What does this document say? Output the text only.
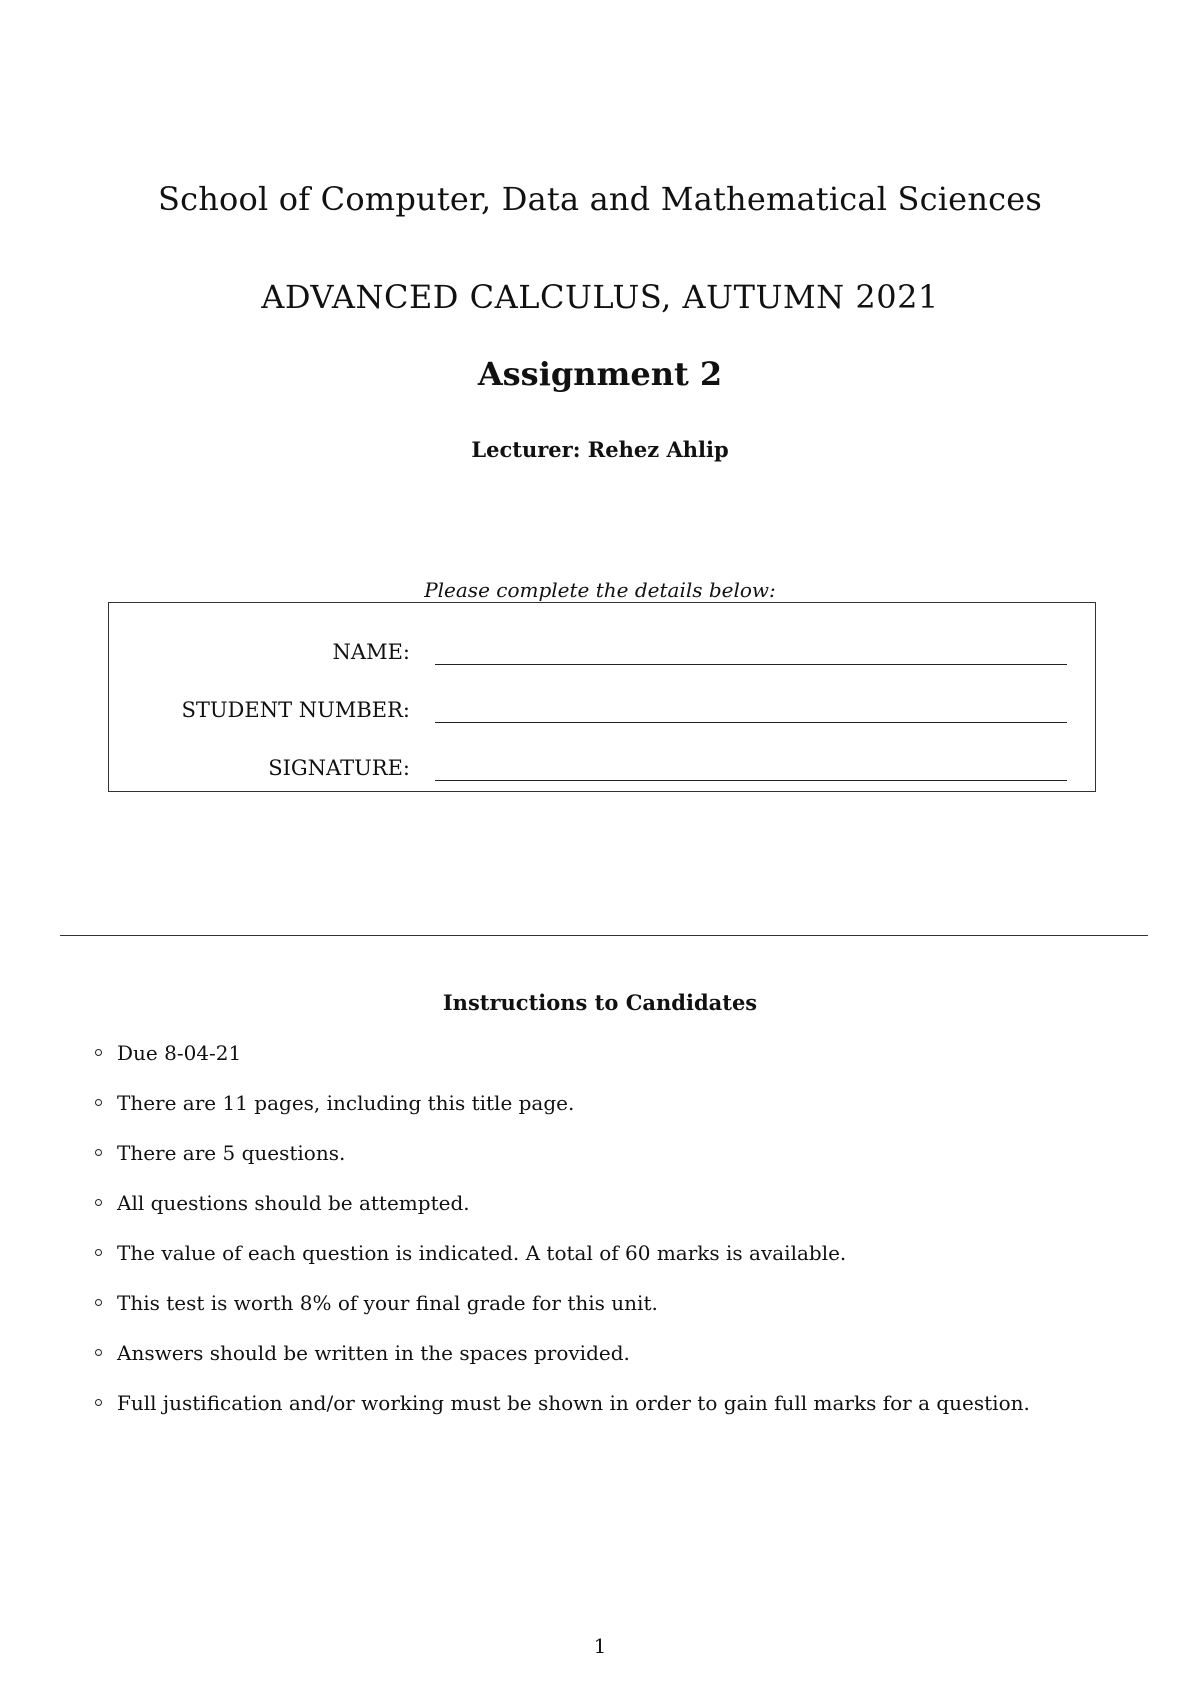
School of Computer, Data and Mathematical Sciences
ADVANCED CALCULUS, AUTUMN 2021
Assignment 2
Lecturer: Rehez Ahlip
Please complete the details below:
NAME:
STUDENT NUMBER:
SIGNATURE:
Instructions to Candidates
Due 8-04-21
There are 11 pages, including this title page.
There are 5 questions.
All questions should be attempted.
The value of each question is indicated. A total of 60 marks is available.
This test is worth 8% of your final grade for this unit.
Answers should be written in the spaces provided.
Full justification and/or working must be shown in order to gain full marks for a question.
1
